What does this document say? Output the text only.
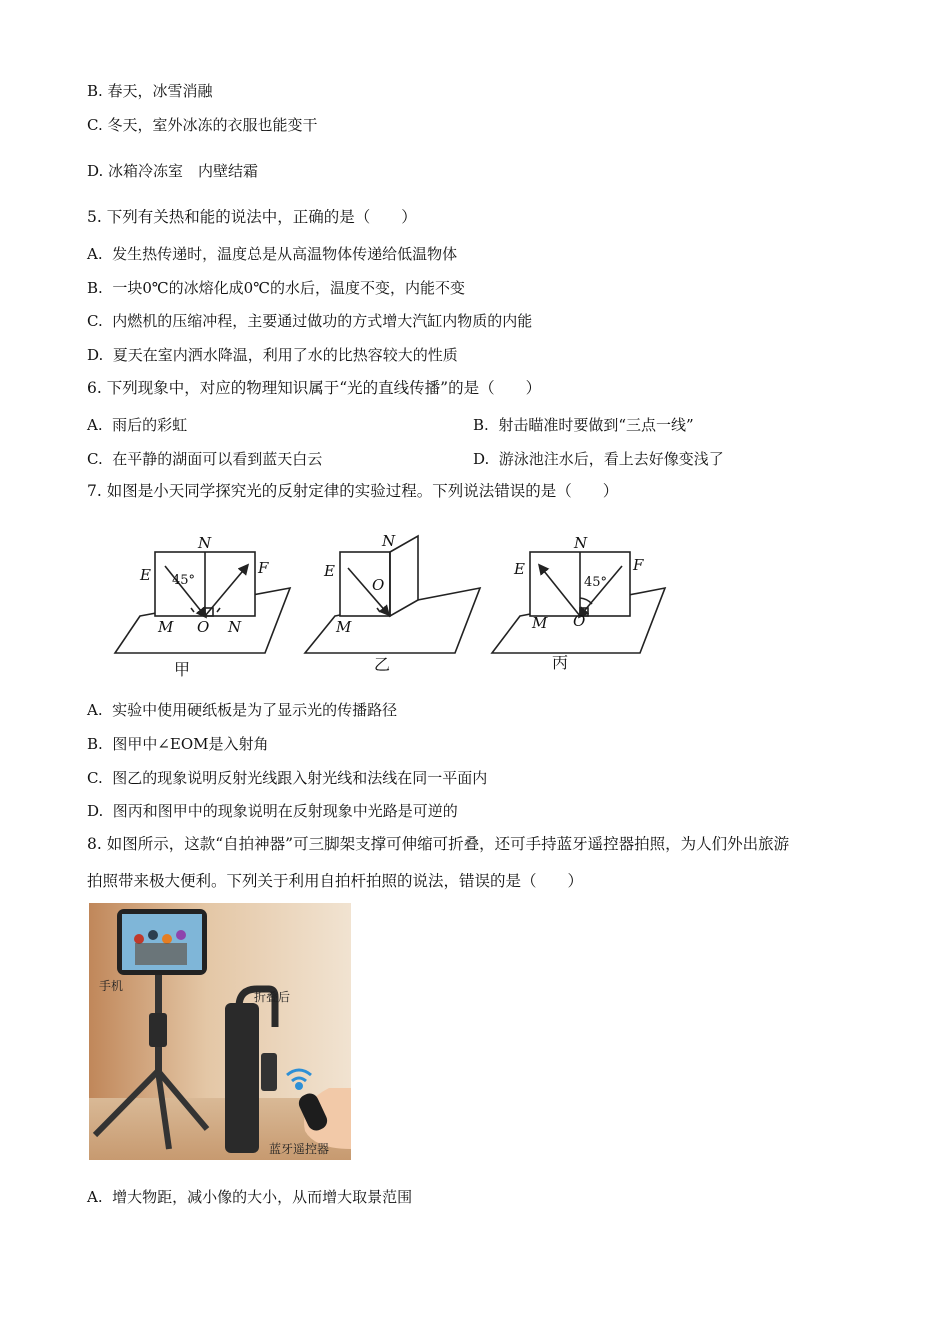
B. 春天，冰雪消融
C. 冬天，室外冰冻的衣服也能变干
D. 冰箱冷冻室　内壁结霜
5. 下列有关热和能的说法中，正确的是（　　）
A.  发生热传递时，温度总是从高温物体传递给低温物体
B.  一块0℃的冰熔化成0℃的水后，温度不变，内能不变
C.  内燃机的压缩冲程，主要通过做功的方式增大汽缸内物质的内能
D.  夏天在室内洒水降温，利用了水的比热容较大的性质
6. 下列现象中，对应的物理知识属于“光的直线传播”的是（　　）
A.  雨后的彩虹	B.  射击瞄准时要做到“三点一线”
C.  在平静的湖面可以看到蓝天白云	D.  游泳池注水后，看上去好像变浅了
7. 如图是小天同学探究光的反射定律的实验过程。下列说法错误的是（　　）
N
E	F
O
M	N
45°
N
E
O
M
N
E	F
O
M
45°
甲	乙	丙
A.  实验中使用硬纸板是为了显示光的传播路径
B.  图甲中∠EOM是入射角
C.  图乙的现象说明反射光线跟入射光线和法线在同一平面内
D.  图丙和图甲中的现象说明在反射现象中光路是可逆的
8. 如图所示，这款“自拍神器”可三脚架支撑可伸缩可折叠，还可手持蓝牙遥控器拍照，为人们外出旅游
拍照带来极大便利。下列关于利用自拍杆拍照的说法，错误的是（　　）
手机
折叠后
蓝牙遥控器
A.  增大物距，减小像的大小，从而增大取景范围
